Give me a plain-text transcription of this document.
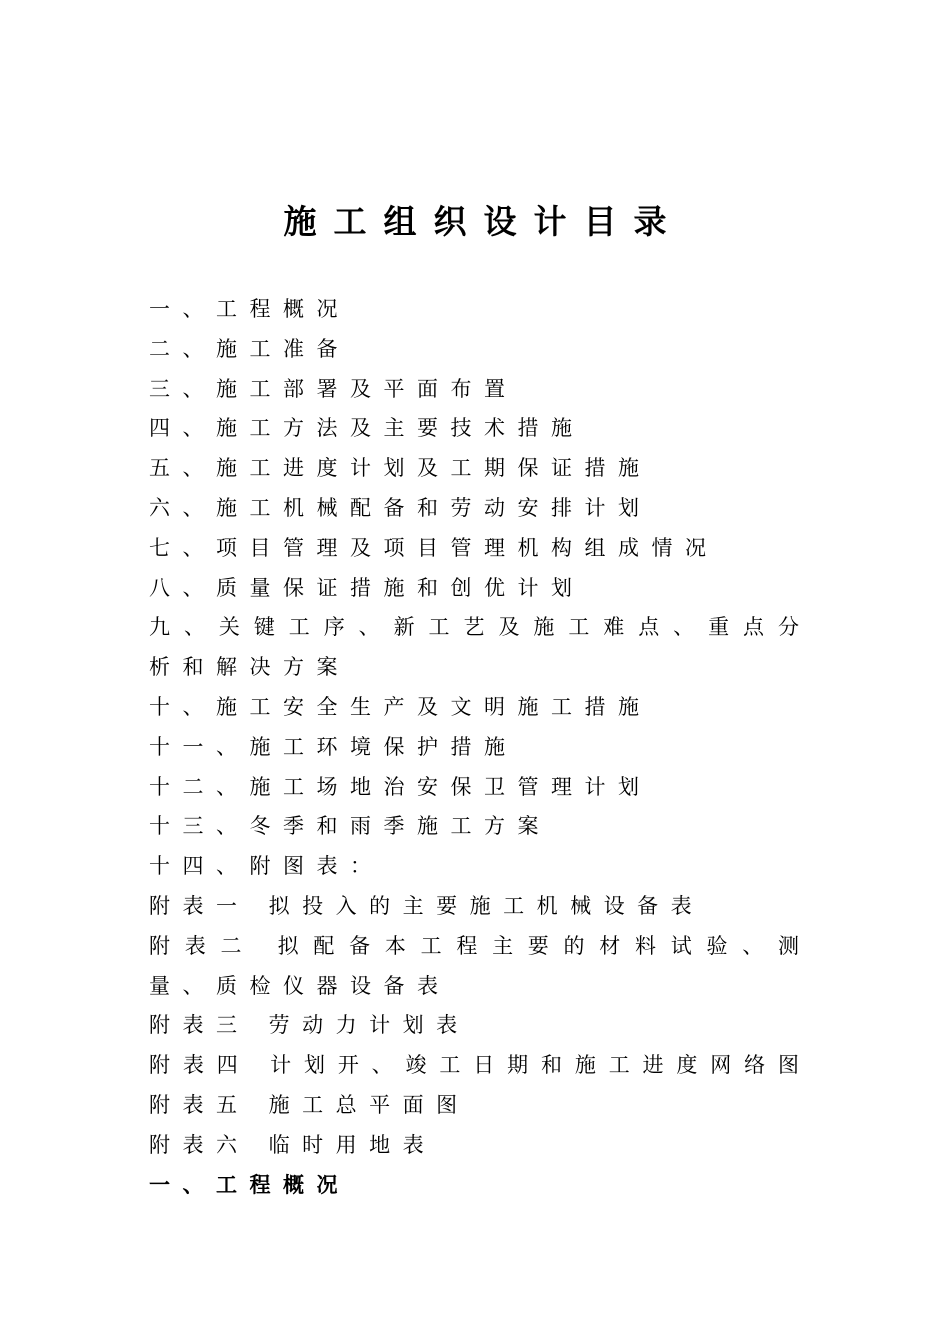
施工组织设计目录
一、工程概况
二、施工准备
三、施工部署及平面布置
四、施工方法及主要技术措施
五、施工进度计划及工期保证措施
六、施工机械配备和劳动安排计划
七、项目管理及项目管理机构组成情况
八、质量保证措施和创优计划
九、关键工序、新工艺及施工难点、重点分
析和解决方案
十、施工安全生产及文明施工措施
十一、施工环境保护措施
十二、施工场地治安保卫管理计划
十三、冬季和雨季施工方案
十四、附图表：
附表一 拟投入的主要施工机械设备表
附表二 拟配备本工程主要的材料试验、测
量、质检仪器设备表
附表三 劳动力计划表
附表四 计划开、竣工日期和施工进度网络图
附表五 施工总平面图
附表六 临时用地表
一、工程概况
